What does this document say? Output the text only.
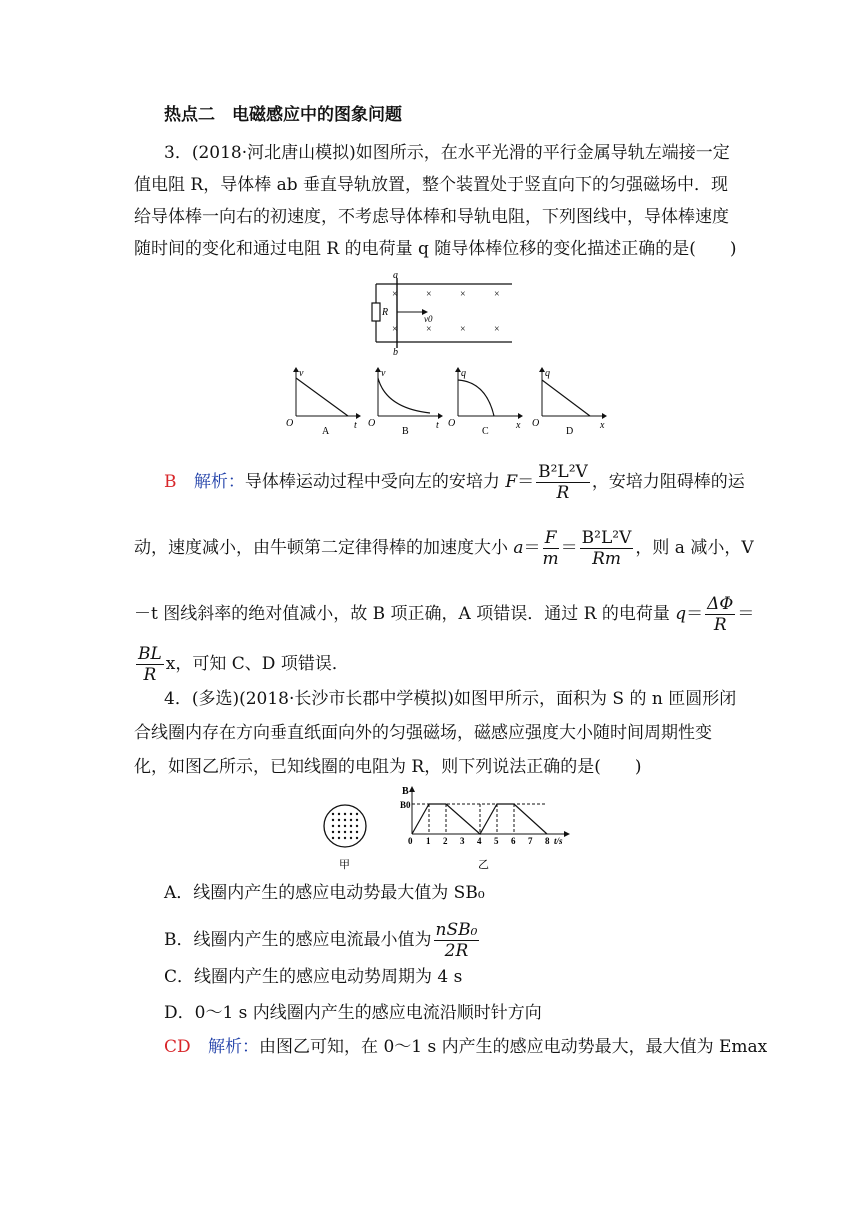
热点二　电磁感应中的图象问题
3．(2018·河北唐山模拟)如图所示，在水平光滑的平行金属导轨左端接一定
值电阻 R，导体棒 ab 垂直导轨放置，整个装置处于竖直向下的匀强磁场中．现
给导体棒一向右的初速度，不考虑导体棒和导轨电阻，下列图线中，导体棒速度
随时间的变化和通过电阻 R 的电荷量 q 随导体棒位移的变化描述正确的是(　　)
a
b
R
v0
×	×	×	×
×	×	×	×
v
t
O
A
v
t
O
B
q
x
O
C
q
x
O
D
B 解析：导体棒运动过程中受向左的安培力 $F= \frac{\text{B²L²V}}{R}$ ，安培力阻碍棒的运
动，速度减小，由牛顿第二定律得棒的加速度大小 $a= \frac{F}{m} = \frac{\text{B²L²V}}{Rm}$ ，则 a 减小，V
－t 图线斜率的绝对值减小，故 B 项正确，A 项错误．通过 R 的电荷量 $q= \frac{\Delta\Phi}{R}$ ＝
$\frac{BL}{R}$ x，可知 C、D 项错误．
4．(多选)(2018·长沙市长郡中学模拟)如图甲所示，面积为 S 的 n 匝圆形闭
合线圈内存在方向垂直纸面向外的匀强磁场，磁感应强度大小随时间周期性变
化，如图乙所示，已知线圈的电阻为 R，则下列说法正确的是(　　)
甲
B
B0
0 1 2 3 4 5 6 7 8 t/s
乙
A．线圈内产生的感应电动势最大值为 SB₀
B．线圈内产生的感应电流最小值为 $\frac{\text{nSB₀}}{2R}$
C．线圈内产生的感应电动势周期为 4 s
D．0～1 s 内线圈内产生的感应电流沿顺时针方向
CD 解析：由图乙可知，在 0～1 s 内产生的感应电动势最大，最大值为 Emax
